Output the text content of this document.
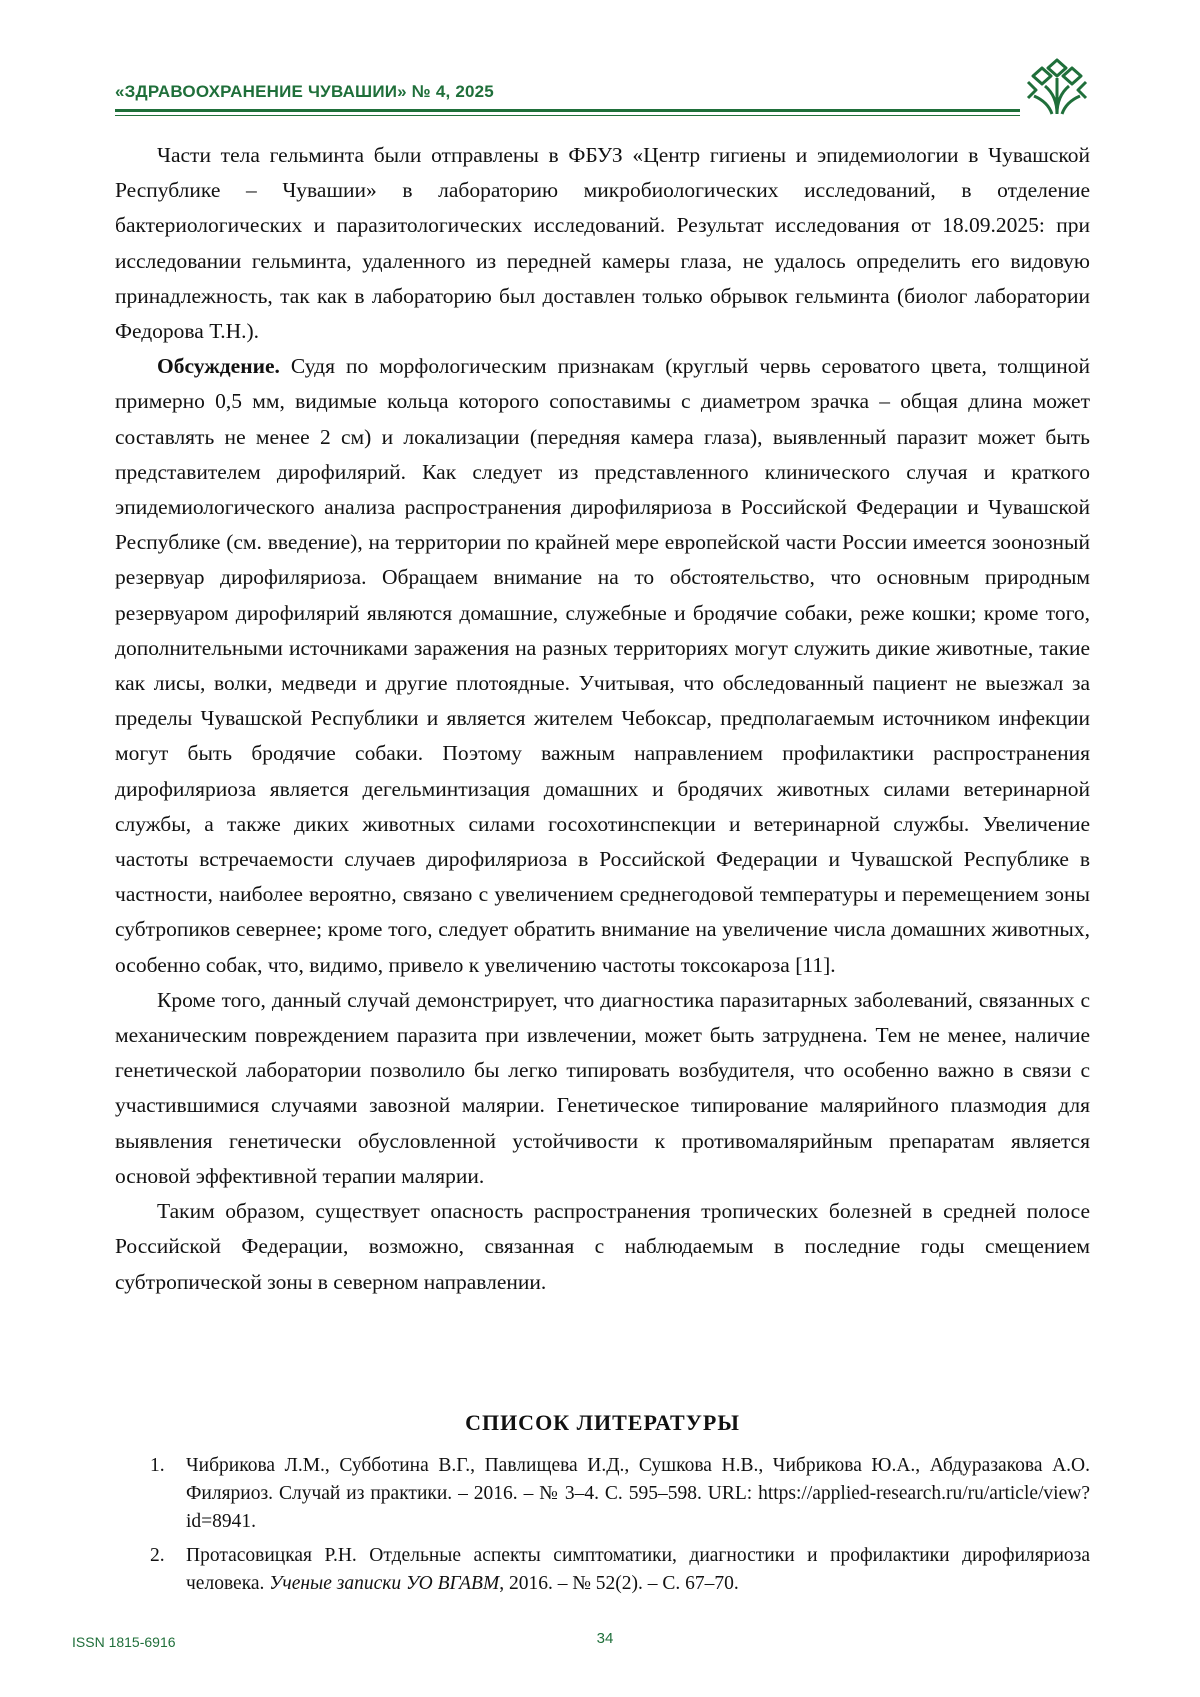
«ЗДРАВООХРАНЕНИЕ ЧУВАШИИ» № 4, 2025

Части тела гельминта были отправлены в ФБУЗ «Центр гигиены и эпидемиологии в Чувашской Республике – Чувашии» в лабораторию микробиологических исследований, в отделение бактериологических и паразитологических исследований. Результат исследования от 18.09.2025: при исследовании гельминта, удаленного из передней камеры глаза, не удалось определить его видовую принадлежность, так как в лабораторию был доставлен только обрывок гельминта (биолог лаборатории Федорова Т.Н.).

Обсуждение. Судя по морфологическим признакам (круглый червь сероватого цвета, толщиной примерно 0,5 мм, видимые кольца которого сопоставимы с диаметром зрачка – общая длина может составлять не менее 2 см) и локализации (передняя камера глаза), выявленный паразит может быть представителем дирофилярий. Как следует из представленного клинического случая и краткого эпидемиологического анализа распространения дирофиляриоза в Российской Федерации и Чувашской Республике (см. введение), на территории по крайней мере европейской части России имеется зоонозный резервуар дирофиляриоза. Обращаем внимание на то обстоятельство, что основным природным резервуаром дирофилярий являются домашние, служебные и бродячие собаки, реже кошки; кроме того, дополнительными источниками заражения на разных территориях могут служить дикие животные, такие как лисы, волки, медведи и другие плотоядные. Учитывая, что обследованный пациент не выезжал за пределы Чувашской Республики и является жителем Чебоксар, предполагаемым источником инфекции могут быть бродячие собаки. Поэтому важным направлением профилактики распространения дирофиляриоза является дегельминтизация домашних и бродячих животных силами ветеринарной службы, а также диких животных силами госохотинспекции и ветеринарной службы. Увеличение частоты встречаемости случаев дирофиляриоза в Российской Федерации и Чувашской Республике в частности, наиболее вероятно, связано с увеличением среднегодовой температуры и перемещением зоны субтропиков севернее; кроме того, следует обратить внимание на увеличение числа домашних животных, особенно собак, что, видимо, привело к увеличению частоты токсокароза [11].

Кроме того, данный случай демонстрирует, что диагностика паразитарных заболеваний, связанных с механическим повреждением паразита при извлечении, может быть затруднена. Тем не менее, наличие генетической лаборатории позволило бы легко типировать возбудителя, что особенно важно в связи с участившимися случаями завозной малярии. Генетическое типирование малярийного плазмодия для выявления генетически обусловленной устойчивости к противомалярийным препаратам является основой эффективной терапии малярии.

Таким образом, существует опасность распространения тропических болезней в средней полосе Российской Федерации, возможно, связанная с наблюдаемым в последние годы смещением субтропической зоны в северном направлении.

СПИСОК ЛИТЕРАТУРЫ
1. Чибрикова Л.М., Субботина В.Г., Павлищева И.Д., Сушкова Н.В., Чибрикова Ю.А., Абдуразакова А.О. Филяриоз. Случай из практики. – 2016. – № 3–4. С. 595–598. URL: https://applied-research.ru/ru/article/view?id=8941.
2. Протасовицкая Р.Н. Отдельные аспекты симптоматики, диагностики и профилактики дирофиляриоза человека. Ученые записки УО ВГАВМ, 2016. – № 52(2). – С. 67–70.
ISSN 1815-6916	34
